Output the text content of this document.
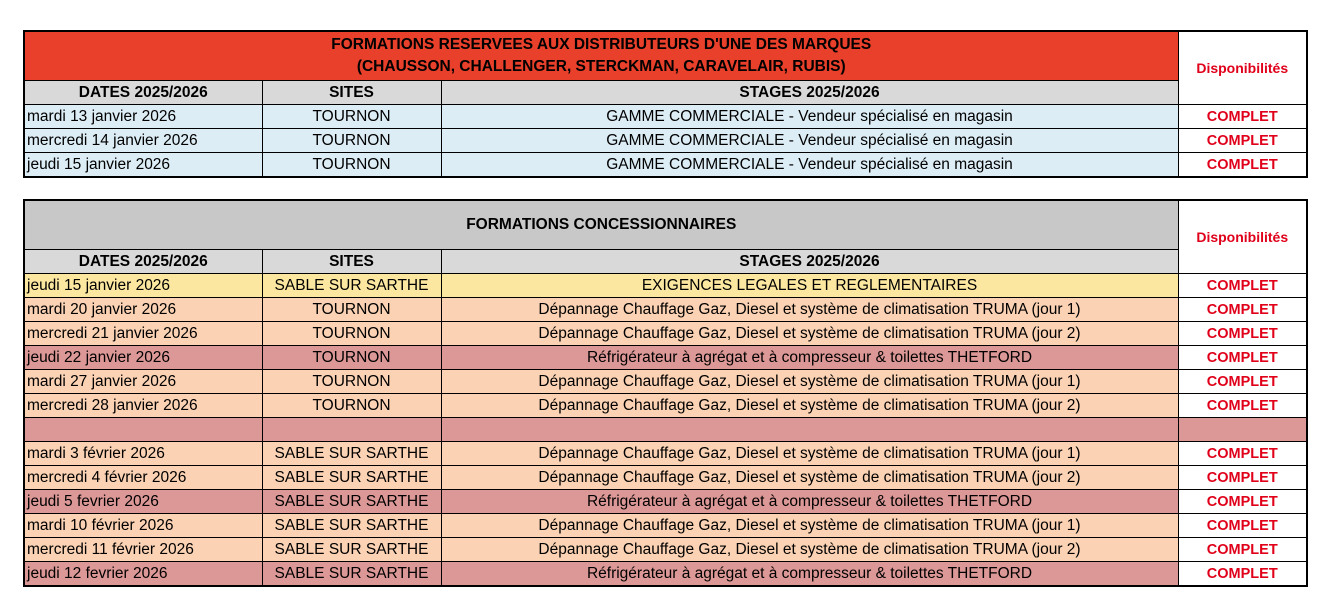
FORMATIONS RESERVEES AUX DISTRIBUTEURS D'UNE DES MARQUES
(CHAUSSON, CHALLENGER, STERCKMAN, CARAVELAIR, RUBIS)			Disponibilités
DATES 2025/2026	SITES	STAGES 2025/2026	
mardi 13 janvier 2026	TOURNON	GAMME COMMERCIALE - Vendeur spécialisé en magasin	COMPLET
mercredi 14 janvier 2026	TOURNON	GAMME COMMERCIALE - Vendeur spécialisé en magasin	COMPLET
jeudi 15 janvier 2026	TOURNON	GAMME COMMERCIALE - Vendeur spécialisé en magasin	COMPLET
FORMATIONS CONCESSIONNAIRES			Disponibilités
DATES 2025/2026	SITES	STAGES 2025/2026	
jeudi 15 janvier 2026	SABLE SUR SARTHE	EXIGENCES LEGALES ET REGLEMENTAIRES	COMPLET
mardi 20 janvier 2026	TOURNON	Dépannage Chauffage Gaz, Diesel et système de climatisation TRUMA (jour 1)	COMPLET
mercredi 21 janvier 2026	TOURNON	Dépannage Chauffage Gaz, Diesel et système de climatisation TRUMA (jour 2)	COMPLET
jeudi 22 janvier 2026	TOURNON	Réfrigérateur à agrégat et à compresseur & toilettes THETFORD	COMPLET
mardi 27 janvier 2026	TOURNON	Dépannage Chauffage Gaz, Diesel et système de climatisation TRUMA (jour 1)	COMPLET
mercredi 28 janvier 2026	TOURNON	Dépannage Chauffage Gaz, Diesel et système de climatisation TRUMA (jour 2)	COMPLET

mardi 3 février 2026	SABLE SUR SARTHE	Dépannage Chauffage Gaz, Diesel et système de climatisation TRUMA (jour 1)	COMPLET
mercredi 4 février 2026	SABLE SUR SARTHE	Dépannage Chauffage Gaz, Diesel et système de climatisation TRUMA (jour 2)	COMPLET
jeudi 5 fevrier 2026	SABLE SUR SARTHE	Réfrigérateur à agrégat et à compresseur & toilettes THETFORD	COMPLET
mardi 10 février 2026	SABLE SUR SARTHE	Dépannage Chauffage Gaz, Diesel et système de climatisation TRUMA (jour 1)	COMPLET
mercredi 11 février 2026	SABLE SUR SARTHE	Dépannage Chauffage Gaz, Diesel et système de climatisation TRUMA (jour 2)	COMPLET
jeudi 12 fevrier 2026	SABLE SUR SARTHE	Réfrigérateur à agrégat et à compresseur & toilettes THETFORD	COMPLET
